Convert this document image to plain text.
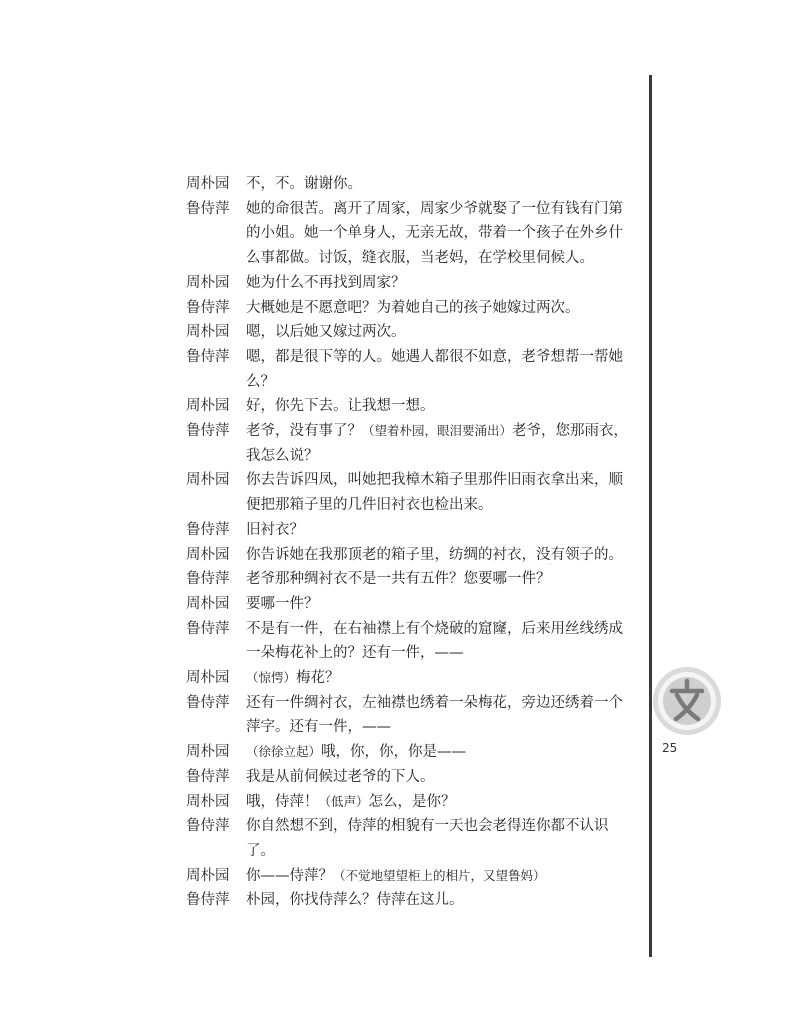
周朴园	不，不。谢谢你。

鲁侍萍	她的命很苦。离开了周家，周家少爷就娶了一位有钱有门第的小姐。她一个单身人，无亲无故，带着一个孩子在外乡什么事都做。讨饭，缝衣服，当老妈，在学校里伺候人。

周朴园	她为什么不再找到周家？

鲁侍萍	大概她是不愿意吧？为着她自己的孩子她嫁过两次。

周朴园	嗯，以后她又嫁过两次。

鲁侍萍	嗯，都是很下等的人。她遇人都很不如意，老爷想帮一帮她么？

周朴园	好，你先下去。让我想一想。

鲁侍萍	老爷，没有事了？（望着朴园，眼泪要涌出）老爷，您那雨衣，我怎么说？

周朴园	你去告诉四凤，叫她把我樟木箱子里那件旧雨衣拿出来，顺便把那箱子里的几件旧衬衣也检出来。

鲁侍萍	旧衬衣？

周朴园	你告诉她在我那顶老的箱子里，纺绸的衬衣，没有领子的。

鲁侍萍	老爷那种绸衬衣不是一共有五件？您要哪一件？

周朴园	要哪一件？

鲁侍萍	不是有一件，在右袖襟上有个烧破的窟窿，后来用丝线绣成一朵梅花补上的？还有一件，——

周朴园	（惊愕）梅花？

鲁侍萍	还有一件绸衬衣，左袖襟也绣着一朵梅花，旁边还绣着一个萍字。还有一件，——

周朴园	（徐徐立起）哦，你，你，你是——

鲁侍萍	我是从前伺候过老爷的下人。

周朴园	哦，侍萍！（低声）怎么，是你？

鲁侍萍	你自然想不到，侍萍的相貌有一天也会老得连你都不认识了。

周朴园	你——侍萍？（不觉地望望柜上的相片，又望鲁妈）

鲁侍萍	朴园，你找侍萍么？侍萍在这儿。

文
25
